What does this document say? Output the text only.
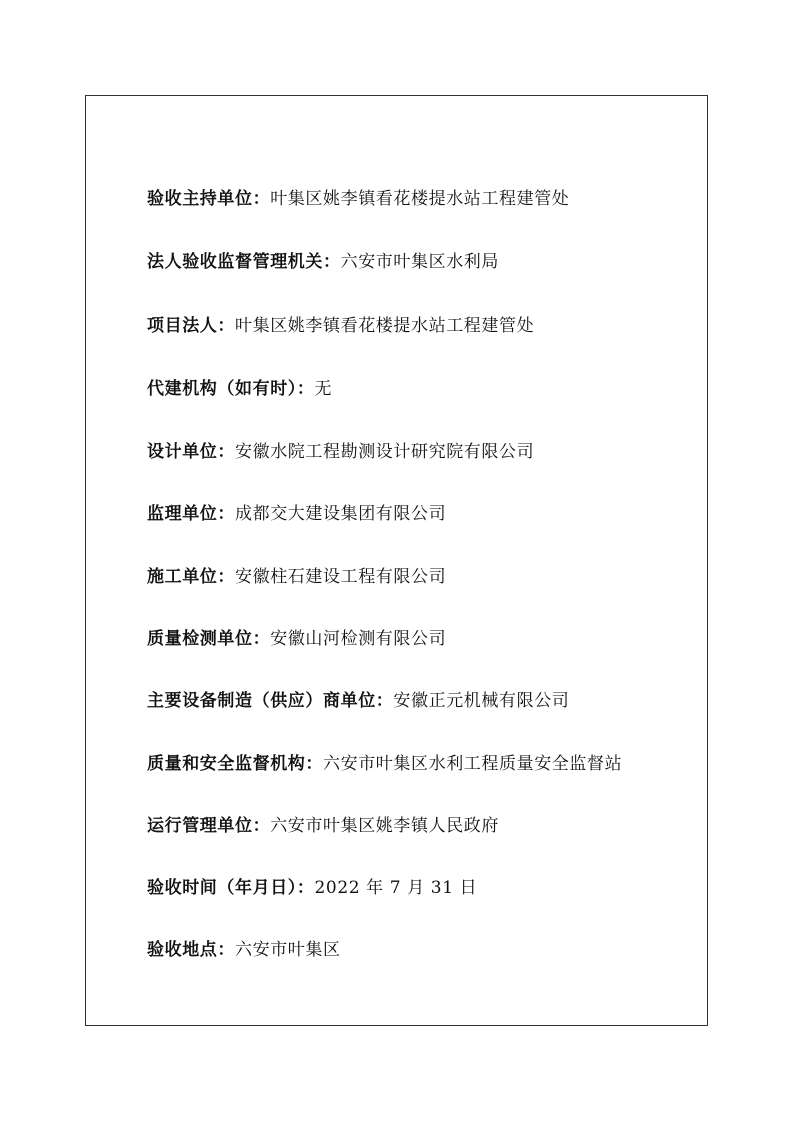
验收主持单位：叶集区姚李镇看花楼提水站工程建管处
法人验收监督管理机关：六安市叶集区水利局
项目法人：叶集区姚李镇看花楼提水站工程建管处
代建机构（如有时）：无
设计单位：安徽水院工程勘测设计研究院有限公司
监理单位：成都交大建设集团有限公司
施工单位：安徽柱石建设工程有限公司
质量检测单位：安徽山河检测有限公司
主要设备制造（供应）商单位：安徽正元机械有限公司
质量和安全监督机构：六安市叶集区水利工程质量安全监督站
运行管理单位：六安市叶集区姚李镇人民政府
验收时间（年月日）：2022 年 7 月 31 日
验收地点：六安市叶集区
